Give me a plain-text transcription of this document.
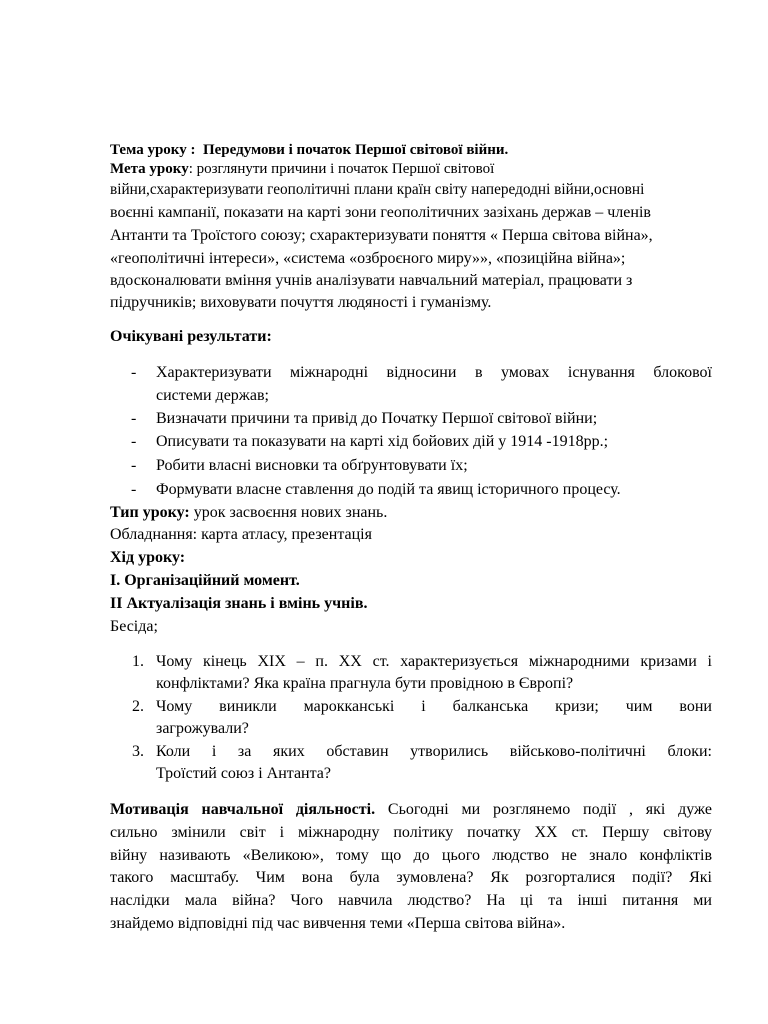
Тема уроку : Передумови і початок Першої світової війни.
Мета уроку: розглянути причини і початок Першої світової
війни,схарактеризувати геополітичні плани країн світу напередодні війни,основні
воєнні кампанії, показати на карті зони геополітичних зазіхань держав – членів
Антанти та Троїстого союзу; схарактеризувати поняття « Перша світова війна»,
«геополітичні інтереси», «система «озброєного миру»», «позиційна війна»;
вдосконалювати вміння учнів аналізувати навчальний матеріал, працювати з
підручників; виховувати почуття людяності і гуманізму.
Очікувані результати:
- Характеризувати міжнародні відносини в умовах існування блокової
системи держав;
- Визначати причини та привід до Початку Першої світової війни;
- Описувати та показувати на карті хід бойових дій у 1914 -1918рр.;
- Робити власні висновки та обґрунтовувати їх;
- Формувати власне ставлення до подій та явищ історичного процесу.
Тип уроку: урок засвоєння нових знань.
Обладнання: карта атласу, презентація
Хід уроку:
І. Організаційний момент.
ІІ Актуалізація знань і вмінь учнів.
Бесіда;
1. Чому кінець ХІХ – п. ХХ ст. характеризується міжнародними кризами і
конфліктами? Яка країна прагнула бути провідною в Європі?
2. Чому виникли марокканські і балканська кризи; чим вони
загрожували?
3. Коли і за яких обставин утворились військово-політичні блоки:
Троїстий союз і Антанта?
Мотивація навчальної діяльності. Сьогодні ми розглянемо події , які дуже
сильно змінили світ і міжнародну політику початку ХХ ст. Першу світову
війну називають «Великою», тому що до цього людство не знало конфліктів
такого масштабу. Чим вона була зумовлена? Як розгорталися події? Які
наслідки мала війна? Чого навчила людство? На ці та інші питання ми
знайдемо відповідні під час вивчення теми «Перша світова війна».
